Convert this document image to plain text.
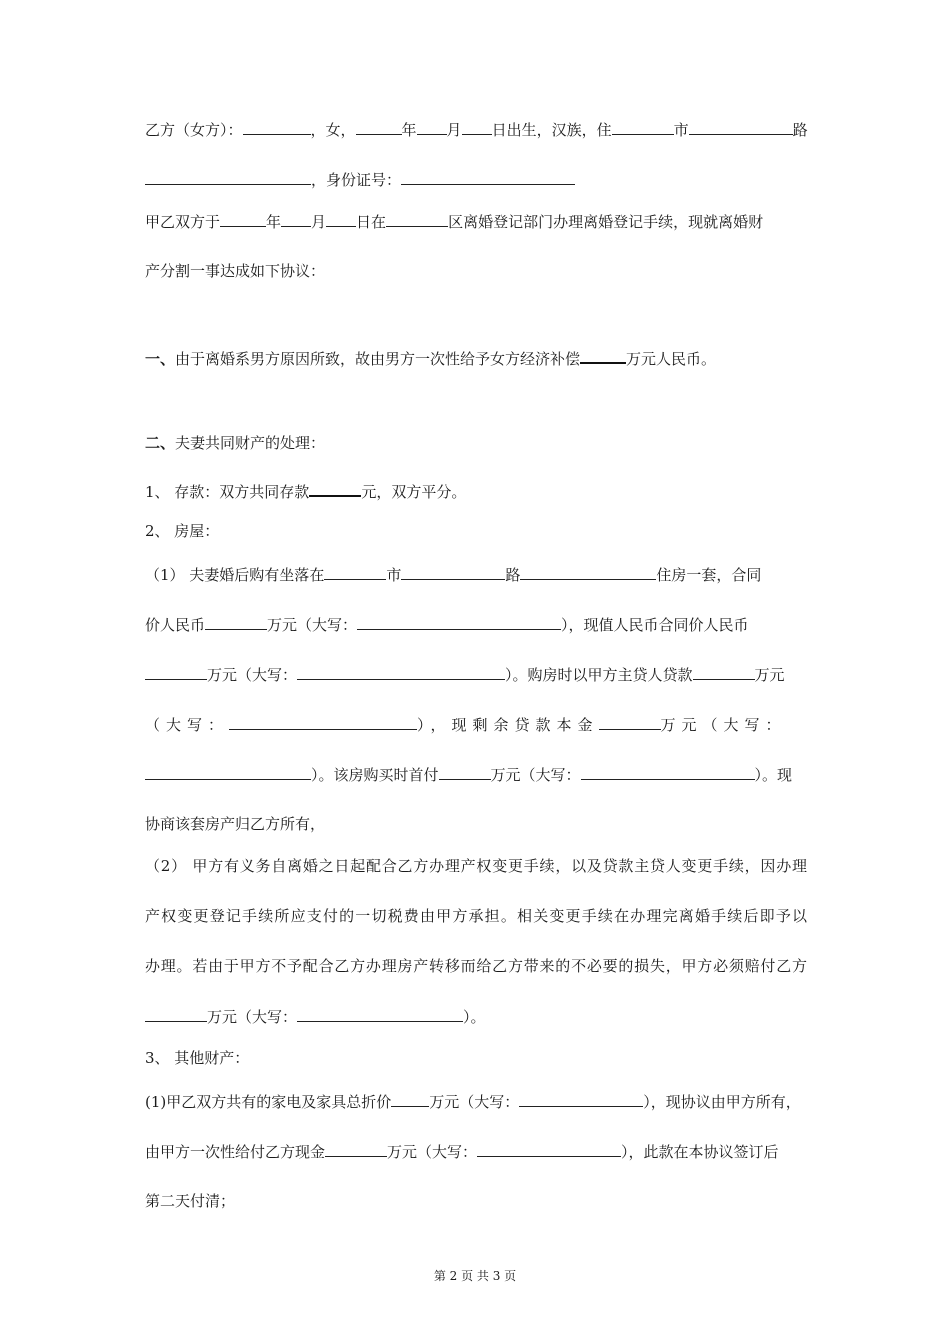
乙方（女方）：	，女，	年 月 日出生，汉族，住	市	路
，身份证号：
甲乙双方于	年 月 日在	区离婚登记部门办理离婚登记手续，现就离婚财
产分割一事达成如下协议：
一、由于离婚系男方原因所致，故由男方一次性给予女方经济补偿	万元人民币。
二、夫妻共同财产的处理：
1、 存款：双方共同存款	元，双方平分。
2、 房屋：
（1） 夫妻婚后购有坐落在	市	路	住房一套，合同
价人民币	万元（大写：	），现值人民币合同价人民币
万元（大写：	）。购房时以甲方主贷人贷款	万元
（大写：	），现剩余贷款本金	万元（大写：
）。该房购买时首付	万元（大写：	）。现
协商该套房产归乙方所有，
（2） 甲方有义务自离婚之日起配合乙方办理产权变更手续，以及贷款主贷人变更手续，因办理
产权变更登记手续所应支付的一切税费由甲方承担。相关变更手续在办理完离婚手续后即予以
办理。若由于甲方不予配合乙方办理房产转移而给乙方带来的不必要的损失，甲方必须赔付乙方
万元（大写：	）。
3、 其他财产：
(1)甲乙双方共有的家电及家具总折价	万元（大写：	），现协议由甲方所有，
由甲方一次性给付乙方现金	万元（大写：	），此款在本协议签订后
第二天付清；
第 2 页 共 3 页
